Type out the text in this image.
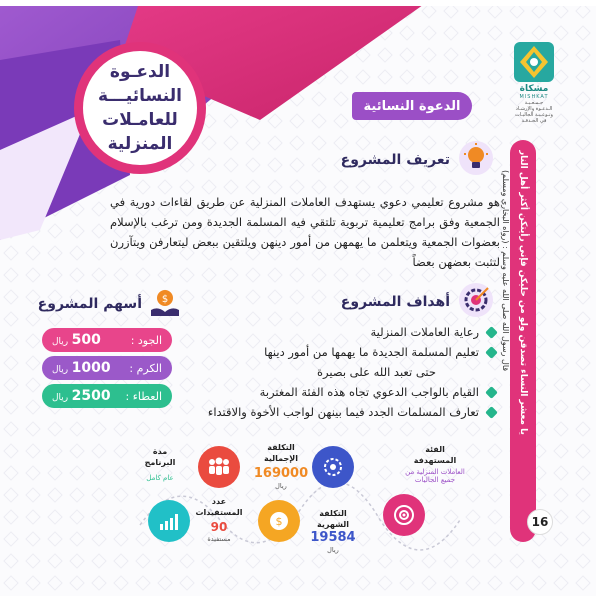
الدعـوة
النسائيـــة
للعامـلات
المنزلية
مشكاة
MISHKAT
جـمـعـيـة
الـدعـوة والإرشـاد
وتـوعـيـة الجاليـات
في الحـدقـة
الدعوة النسائية
تعريف المشروع
هو مشروع تعليمي دعوي يستهدف العاملات المنزلية عن طريق لقاءات دورية في الجمعية وفق برامج تعليمية تربوية تلتقي فيه المسلمة الجديدة ومن ترغب بالإسلام بعضوات الجمعية ويتعلمن ما يهمهن من أمور دينهن ويلتقين ببعض ليتعارفن ويتآزرن لتثبت بعضهن بعضاً
$
أسهم المشروع
الجود :
500 ريال
الكرم :
1000 ريال
العطاء :
2500 ريال
أهداف المشروع
رعاية العاملات المنزلية
تعليم المسلمة الجديدة ما يهمها من أمور دينها
حتى تعبد الله على بصيرة
القيام بالواجب الدعوي تجاه هذه الفئة المغتربة
تعارف المسلمات الجدد فيما بينهن لواجب الأخوة والاقتداء
الفئة
المستهدفة
العاملات المنزلية من جميع الجاليات
التكلفة
الشهرية
19584
ريال
التكلفة
الإجمالية
169000
ريال
$
عدد
المستفيدات
90
مستفيدة
مدة
البرنامج
عام كامل
يا معشر النساء تصدقن ولو من حليكن فإني رأيتكن أكثر أهل النار
قال رسول الله صلى الله عليه وسلم : (رواه البخاري ومسلم)
16
